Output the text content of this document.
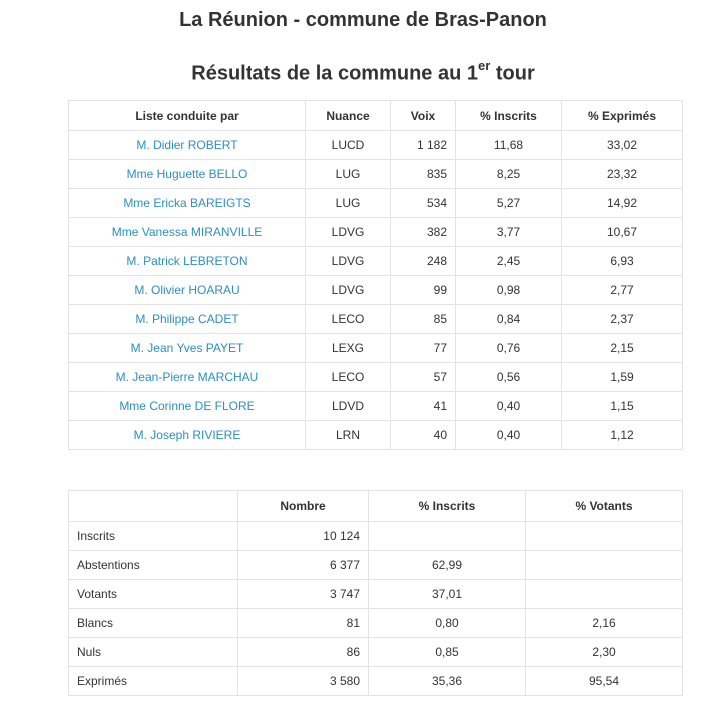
La Réunion - commune de Bras-Panon
Résultats de la commune au 1er tour
Liste conduite par	Nuance	Voix	% Inscrits	% Exprimés
M. Didier ROBERT	LUCD	1 182	11,68	33,02
Mme Huguette BELLO	LUG	835	8,25	23,32
Mme Ericka BAREIGTS	LUG	534	5,27	14,92
Mme Vanessa MIRANVILLE	LDVG	382	3,77	10,67
M. Patrick LEBRETON	LDVG	248	2,45	6,93
M. Olivier HOARAU	LDVG	99	0,98	2,77
M. Philippe CADET	LECO	85	0,84	2,37
M. Jean Yves PAYET	LEXG	77	0,76	2,15
M. Jean-Pierre MARCHAU	LECO	57	0,56	1,59
Mme Corinne DE FLORE	LDVD	41	0,40	1,15
M. Joseph RIVIERE	LRN	40	0,40	1,12
	Nombre	% Inscrits	% Votants
Inscrits	10 124		
Abstentions	6 377	62,99	
Votants	3 747	37,01	
Blancs	81	0,80	2,16
Nuls	86	0,85	2,30
Exprimés	3 580	35,36	95,54
